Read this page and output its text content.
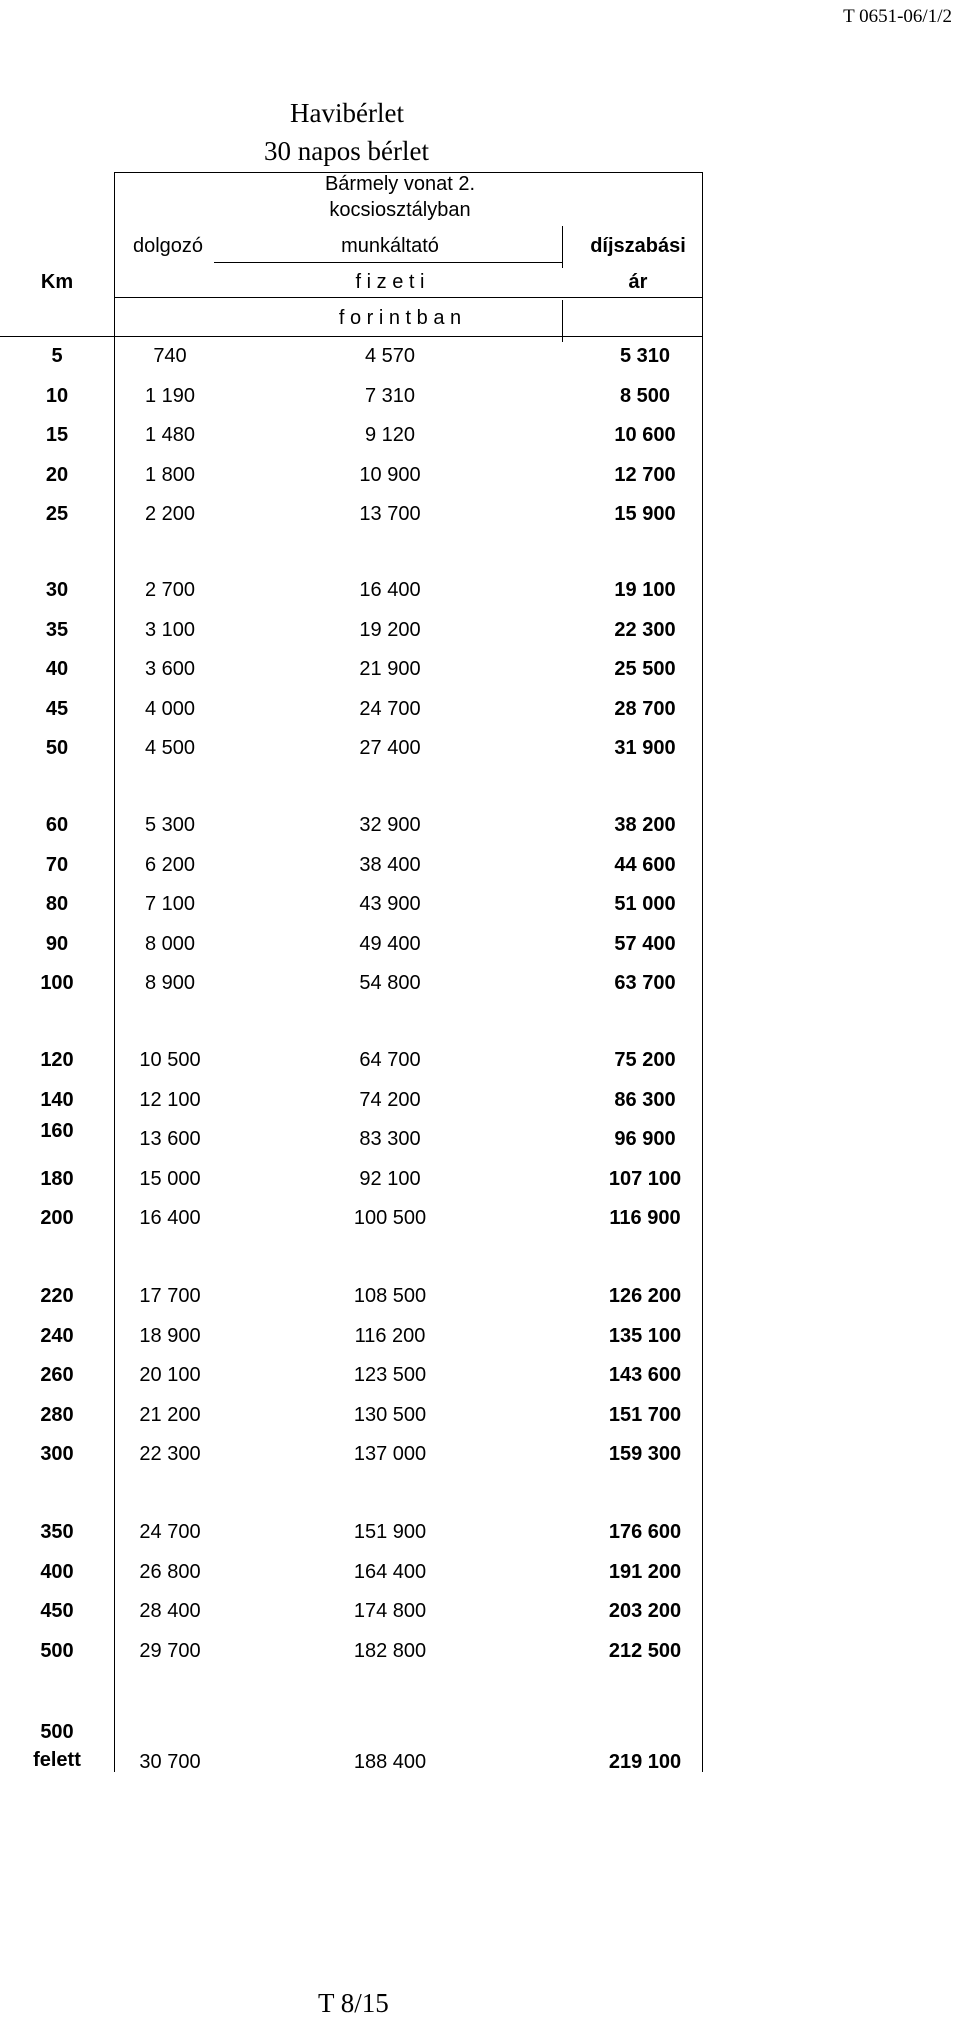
T 0651-06/1/2
Havibérlet
30 napos bérlet
Bármely vonat 2.
kocsiosztályban
dolgozó	munkáltató	díjszabási
Km	f i z e t i	ár
f o r i n t b a n
5	740	4 570	5 310
10	1 190	7 310	8 500
15	1 480	9 120	10 600
20	1 800	10 900	12 700
25	2 200	13 700	15 900
30	2 700	16 400	19 100
35	3 100	19 200	22 300
40	3 600	21 900	25 500
45	4 000	24 700	28 700
50	4 500	27 400	31 900
60	5 300	32 900	38 200
70	6 200	38 400	44 600
80	7 100	43 900	51 000
90	8 000	49 400	57 400
100	8 900	54 800	63 700
120	10 500	64 700	75 200
140	12 100	74 200	86 300
160	13 600	83 300	96 900
180	15 000	92 100	107 100
200	16 400	100 500	116 900
220	17 700	108 500	126 200
240	18 900	116 200	135 100
260	20 100	123 500	143 600
280	21 200	130 500	151 700
300	22 300	137 000	159 300
350	24 700	151 900	176 600
400	26 800	164 400	191 200
450	28 400	174 800	203 200
500	29 700	182 800	212 500
500
felett	30 700	188 400	219 100
T 8/15
